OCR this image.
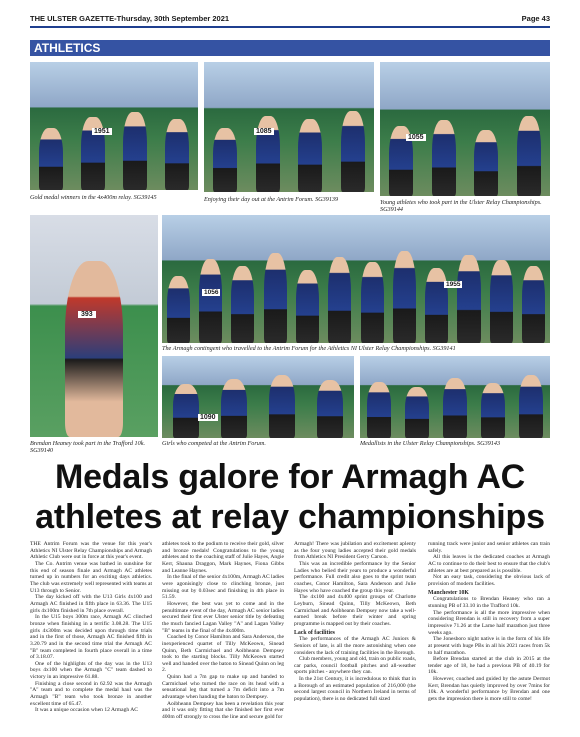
THE ULSTER GAZETTE-Thursday, 30th September 2021	Page 43
ATHLETICS
1951
Gold medal winners in the 4x400m relay. SG39145
1085
Enjoying their day out at the Antrim Forum. SG39139
1055
Young athletes who took part in the Ulster Relay Championships. SG39144
393
Brendan Heaney took part in the Trafford 10k. SG39140
1056
1955
The Armagh contingent who travelled to the Antrim Forum for the Athletics NI Ulster Relay Championships. SG39141
1090
Girls who competed at the Antrim Forum.	Medallists in the Ulster Relay Championships. SG39143
Medals galore for Armagh AC
athletes at relay championships

THE Antrim Forum was the venue for this year's Athletics NI Ulster Relay Championships and Armagh Athletic Club were out in force at this year's event.

The Co. Antrim venue was bathed in sunshine for this end of season finale and Armagh AC athletes turned up in numbers for an exciting days athletics. The club was extremely well represented with teams at U13 through to Senior.

The day kicked off with the U13 Girls 4x100 and Armagh AC finished in fifth place in 63.36. The U15 girls 4x100m finished in 7th place overall.

In the U15 boys 300m race, Armagh AC clinched bronze when finishing in a terrific 3.08.28. The U15 girls 4x300m was decided upon through time trials and in the first of those, Armagh AC finished fifth in 3.20.79 and in the second time trial the Armagh AC "B" team completed in fourth place overall in a time of 3.18.07.

One of the highlights of the day was in the U13 boys 4x100 when the Armagh "C" team dashed to victory in an impressive 61.88.

Finishing a close second in 62.92 was the Armagh "A" team and to complete the medal haul was the Armagh "B" team who took bronze in another excellent time of 65.47.

It was a unique occasion when 12 Armagh AC

athletes took to the podium to receive their gold, silver and bronze medals! Congratulations to the young athletes and to the coaching staff of Julie Hayes, Angie Kerr, Shauna Draggon, Mark Haynes, Fiona Gibbs and Leanne Haynes.

In the final of the senior 4x100m, Armagh AC ladies were agonisingly close to clinching bronze, just missing out by 0.03sec and finishing in 4th place in 51.59.

However, the best was yet to come and in the penultimate event of the day, Armagh AC senior ladies secured their first ever Ulster senior title by defeating the much fancied Lagan Valley "A" and Lagan Valley "B" teams in the final of the 4x400m.

Coached by Conor Hamilton and Sara Anderson, the inexperienced quartet of Tilly McKeown, Sinead Quinn, Beth Carmichael and Aoibheann Dempsey took to the starting blocks. Tilly McKeown started well and handed over the baton to Sinead Quinn on leg 2.

Quinn had a 7m gap to make up and handed to Carmichael who turned the race on its head with a sensational leg that turned a 7m deficit into a 7m advantage when handing the baton to Dempsey.

Aoibheann Dempsey has been a revelation this year and it was only fitting that she finished her first ever 400m off strongly to cross the line and secure gold for

Armagh! There was jubilation and excitement aplenty as the four young ladies accepted their gold medals from Athletics NI President Gerry Carson.

This was an incredible performance by the Senior Ladies who belied their years to produce a wonderful performance. Full credit also goes to the sprint team coaches, Conor Hamilton, Sara Anderson and Julie Hayes who have coached the group this year.

The 4x100 and 4x400 sprint groups of Charlotte Leyburn, Sinead Quinn, Tilly McKeown, Beth Carmichael and Aoibheann Dempsey now take a well-earned break before their winter and spring programme is mapped out by their coaches.

Lack of facilities

The performances of the Armagh AC Juniors & Seniors of late, is all the more astonishing when one considers the lack of training facilities in the Borough.

Club members, young and old, train on public roads, car parks, council football pitches and all-weather sports pitches - anywhere they can.

In the 21st Century, it is incredulous to think that in a Borough of an estimated population of 216,000 (the second largest council in Northern Ireland in terms of population), there is no dedicated full sized

running track were junior and senior athletes can train safely.

All this leaves is the dedicated coaches at Armagh AC to continue to do their best to ensure that the club's athletes are at best prepared as is possible.

Not an easy task, considering the obvious lack of provision of modern facilities.

Manchester 10K

Congratulations to Brendan Heaney who ran a stunning PB of 33.10 in the Trafford 10k.

The performance is all the more impressive when considering Brendan is still in recovery from a super impressive 71.26 at the Larne half marathon just three weeks ago.

The Jonesboro night native is in the form of his life at present with huge PBs in all his 2021 races from 5k to half marathon.

Before Brendan started at the club in 2015 at the tender age of 18, he had a previous PB of 40.19 for 10k.

However, coached and guided by the astute Dermot Kerr, Brendan has quietly improved by over 7mins for 10k. A wonderful performance by Brendan and one gets the impression there is more still to come!
